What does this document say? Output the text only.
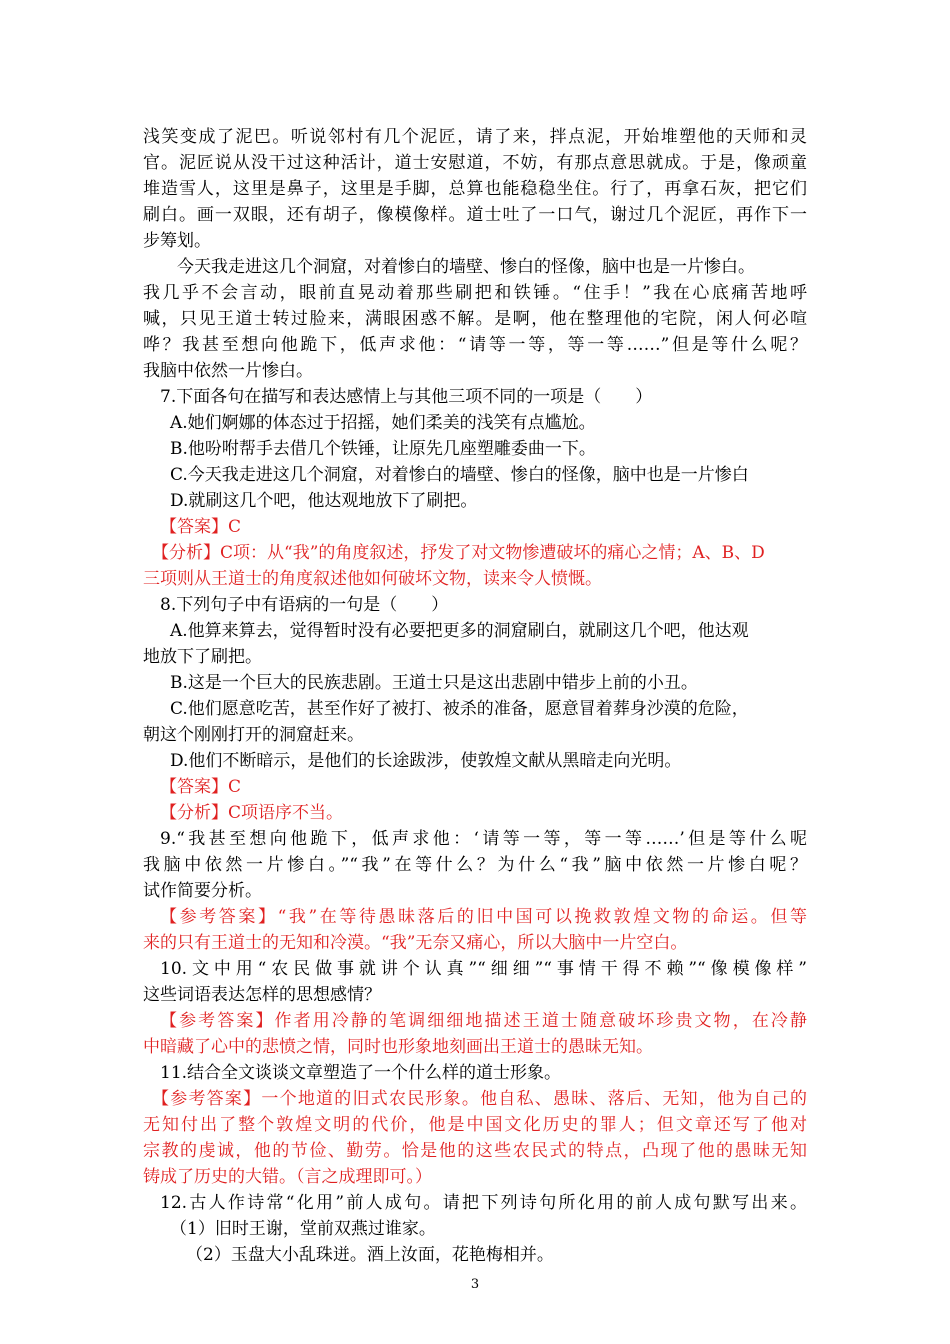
浅笑变成了泥巴。听说邻村有几个泥匠，请了来，拌点泥，开始堆塑他的天师和灵

官。泥匠说从没干过这种活计，道士安慰道，不妨，有那点意思就成。于是，像顽童

堆造雪人，这里是鼻子，这里是手脚，总算也能稳稳坐住。行了，再拿石灰，把它们

刷白。画一双眼，还有胡子，像模像样。道士吐了一口气，谢过几个泥匠，再作下一

步筹划。

今天我走进这几个洞窟，对着惨白的墙壁、惨白的怪像，脑中也是一片惨白。

我几乎不会言动，眼前直晃动着那些刷把和铁锤。“住手！”我在心底痛苦地呼

喊，只见王道士转过脸来，满眼困惑不解。是啊，他在整理他的宅院，闲人何必喧

哗？我甚至想向他跪下，低声求他：“请等一等，等一等……”但是等什么呢？

我脑中依然一片惨白。

7.下面各句在描写和表达感情上与其他三项不同的一项是（　　）

A.她们婀娜的体态过于招摇，她们柔美的浅笑有点尴尬。

B.他吩咐帮手去借几个铁锤，让原先几座塑雕委曲一下。

C.今天我走进这几个洞窟，对着惨白的墙壁、惨白的怪像，脑中也是一片惨白

D.就刷这几个吧，他达观地放下了刷把。

【答案】C

【分析】C项：从“我”的角度叙述，抒发了对文物惨遭破坏的痛心之情；A、B、D

三项则从王道士的角度叙述他如何破坏文物，读来令人愤慨。

8.下列句子中有语病的一句是（　　）

A.他算来算去，觉得暂时没有必要把更多的洞窟刷白，就刷这几个吧，他达观

地放下了刷把。

B.这是一个巨大的民族悲剧。王道士只是这出悲剧中错步上前的小丑。

C.他们愿意吃苦，甚至作好了被打、被杀的准备，愿意冒着葬身沙漠的危险，

朝这个刚刚打开的洞窟赶来。

D.他们不断暗示，是他们的长途跋涉，使敦煌文献从黑暗走向光明。

【答案】C

【分析】C项语序不当。

9.“我甚至想向他跪下，低声求他：‘请等一等，等一等……’但是等什么呢

我脑中依然一片惨白。”“我”在等什么？为什么“我”脑中依然一片惨白呢？

试作简要分析。

【参考答案】“我”在等待愚昧落后的旧中国可以挽救敦煌文物的命运。但等

来的只有王道士的无知和冷漠。“我”无奈又痛心，所以大脑中一片空白。

10.文中用“农民做事就讲个认真”“细细”“事情干得不赖”“像模像样”

这些词语表达怎样的思想感情？

【参考答案】作者用冷静的笔调细细地描述王道士随意破坏珍贵文物，在冷静

中暗藏了心中的悲愤之情，同时也形象地刻画出王道士的愚昧无知。

11.结合全文谈谈文章塑造了一个什么样的道士形象。

【参考答案】一个地道的旧式农民形象。他自私、愚昧、落后、无知，他为自己的

无知付出了整个敦煌文明的代价，他是中国文化历史的罪人；但文章还写了他对

宗教的虔诚，他的节俭、勤劳。恰是他的这些农民式的特点，凸现了他的愚昧无知

铸成了历史的大错。（言之成理即可。）

12.古人作诗常“化用”前人成句。请把下列诗句所化用的前人成句默写出来。

（1）旧时王谢，堂前双燕过谁家。

（2）玉盘大小乱珠迸。酒上汝面，花艳梅相并。

3
